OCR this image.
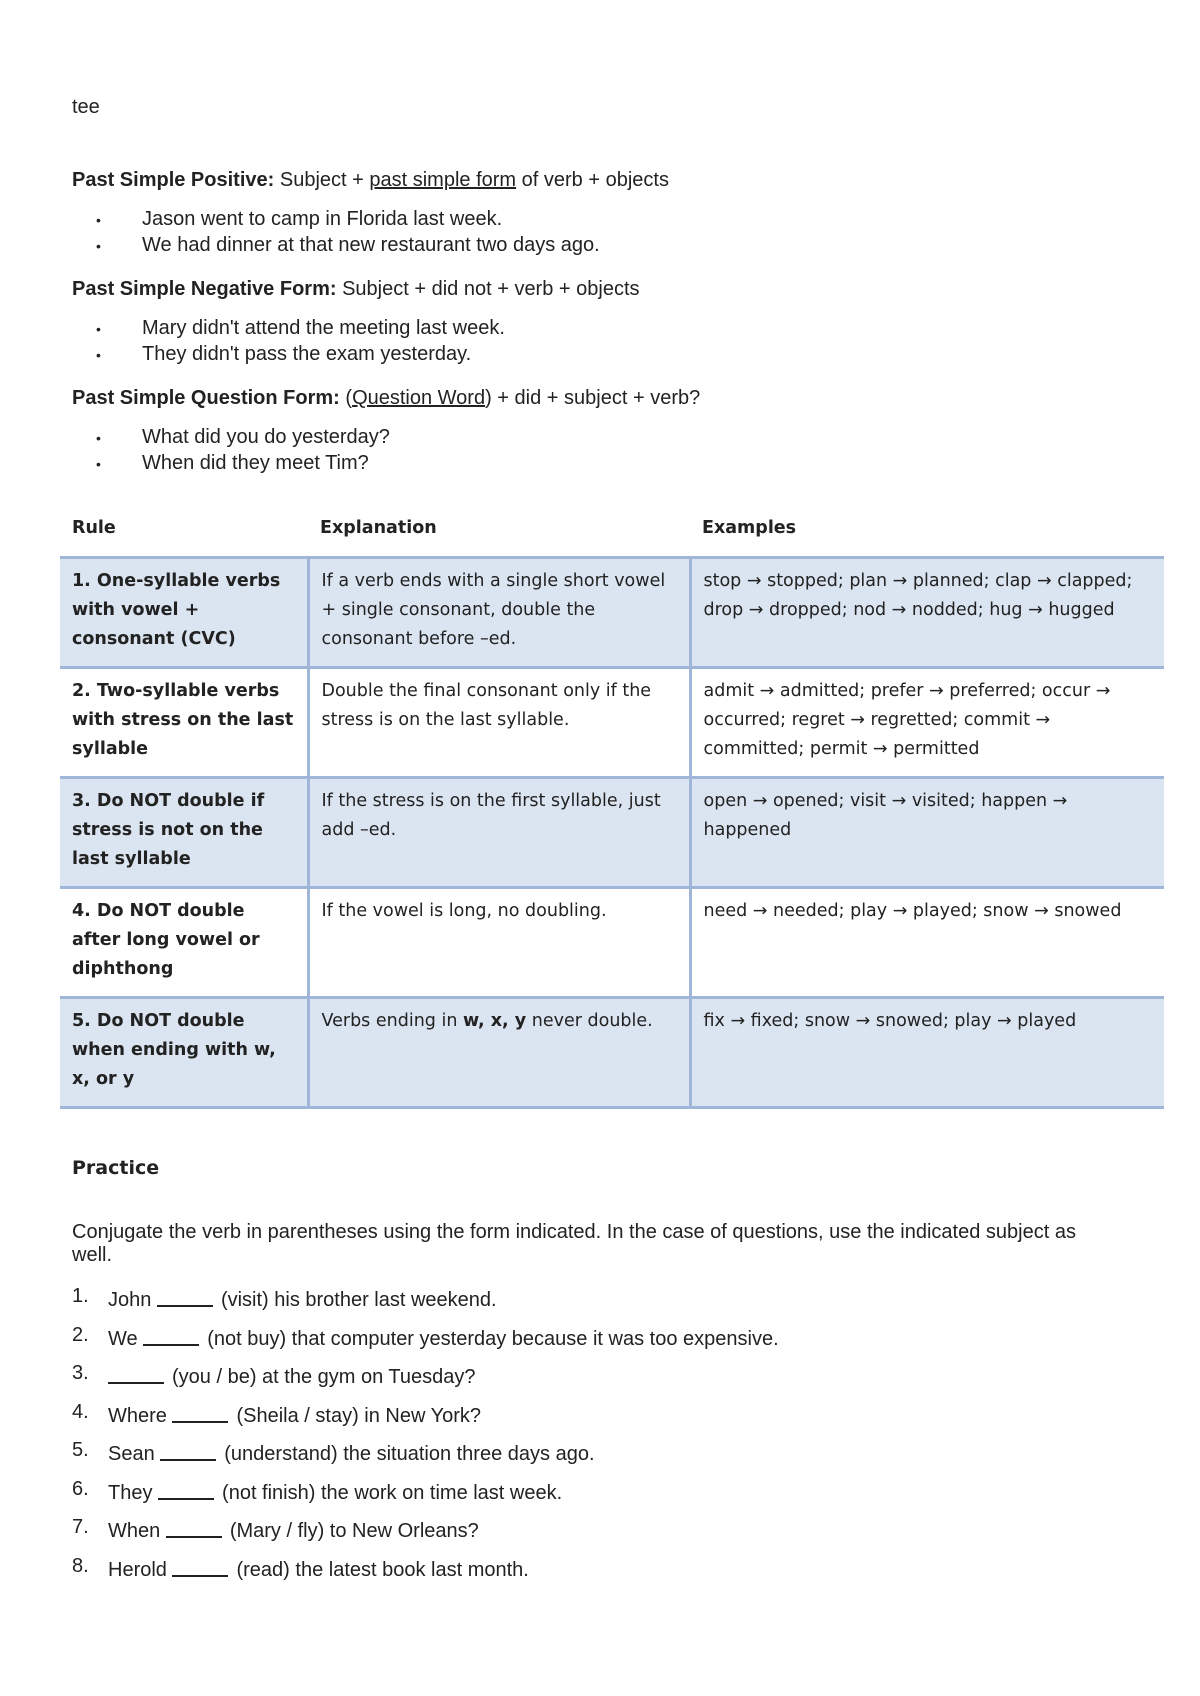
tee

Past Simple Positive: Subject + past simple form of verb + objects

• Jason went to camp in Florida last week.
• We had dinner at that new restaurant two days ago.

Past Simple Negative Form: Subject + did not + verb + objects

• Mary didn't attend the meeting last week.
• They didn't pass the exam yesterday.

Past Simple Question Form: (Question Word) + did + subject + verb?

• What did you do yesterday?
• When did they meet Tim?
Rule	Explanation	Examples
1. One-syllable verbs with vowel + consonant (CVC)	If a verb ends with a single short vowel + single consonant, double the consonant before –ed.	stop → stopped; plan → planned; clap → clapped; drop → dropped; nod → nodded; hug → hugged
2. Two-syllable verbs with stress on the last syllable	Double the final consonant only if the stress is on the last syllable.	admit → admitted; prefer → preferred; occur → occurred; regret → regretted; commit → committed; permit → permitted
3. Do NOT double if stress is not on the last syllable	If the stress is on the first syllable, just add –ed.	open → opened; visit → visited; happen → happened
4. Do NOT double after long vowel or diphthong	If the vowel is long, no doubling.	need → needed; play → played; snow → snowed
5. Do NOT double when ending with w, x, or y	Verbs ending in w, x, y never double.	fix → fixed; snow → snowed; play → played
Practice
Conjugate the verb in parentheses using the form indicated. In the case of questions, use the indicated subject as well.
1. John	(visit) his brother last weekend.
2. We	(not buy) that computer yesterday because it was too expensive.
3.	(you / be) at the gym on Tuesday?
4. Where	(Sheila / stay) in New York?
5. Sean	(understand) the situation three days ago.
6. They	(not finish) the work on time last week.
7. When	(Mary / fly) to New Orleans?
8. Herold	(read) the latest book last month.
